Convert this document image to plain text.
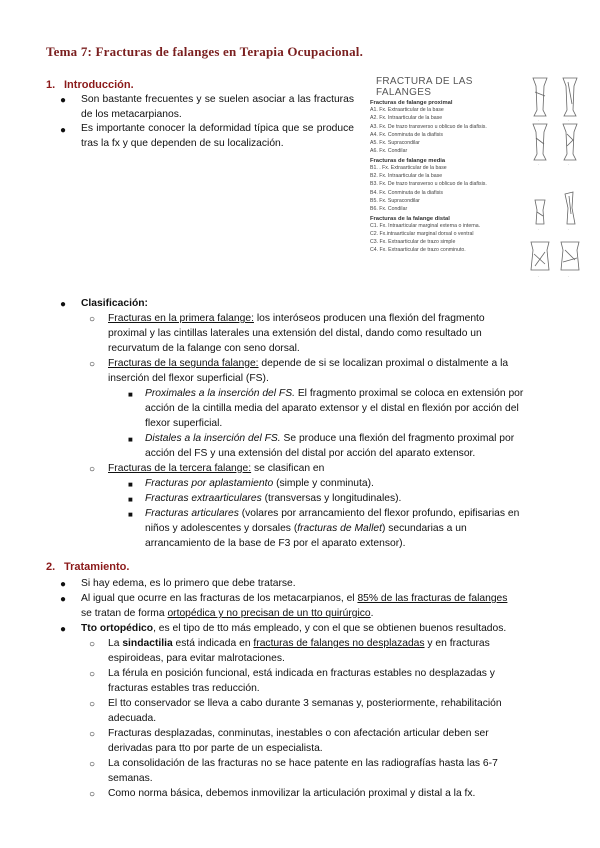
Tema 7: Fracturas de falanges en Terapia Ocupacional.
1. Introducción.
● Son bastante frecuentes y se suelen asociar a las fracturas de los metacarpianos.
● Es importante conocer la deformidad típica que se produce tras la fx y que dependen de su localización.
FRACTURA DE LAS FALANGES
Fracturas de falange proximal
A1. Fx. Extraarticular de la base
A2. Fx. Intraarticular de la base
A3. Fx. De trazo transverso u oblicuo de la diafisis.
A4. Fx. Conminuta de la diafisis
A5. Fx. Supracondilar
A6. Fx. Condilar
Fracturas de falange media
B1. . Fx. Extraarticular de la base
B2. Fx. Intraarticular de la base
B3. Fx. De trazo transverso u oblicuo de la diafisis.
B4. Fx. Conminuta de la diafisis
B5. Fx. Supracondilar
B6. Fx. Condilar
Fracturas de la falange distal
C1. Fx. Intraarticular marginal externa o interna.
C2. Fx.intraarticular marginal dorsal o ventral
C3. Fx. Extraarticular de trazo simple
C4. Fx. Extraarticular de trazo conminuto.
·	·
·	·
·	·
·	·
● Clasificación:
○ Fracturas en la primera falange: los interóseos producen una flexión del fragmento
proximal y las cintillas laterales una extensión del distal, dando como resultado un
recurvatum de la falange con seno dorsal.
○ Fracturas de la segunda falange: depende de si se localizan proximal o distalmente a la
inserción del flexor superficial (FS).
■ Proximales a la inserción del FS. El fragmento proximal se coloca en extensión por
acción de la cintilla media del aparato extensor y el distal en flexión por acción del
flexor superficial.
■ Distales a la inserción del FS. Se produce una flexión del fragmento proximal por
acción del FS y una extensión del distal por acción del aparato extensor.
○ Fracturas de la tercera falange: se clasifican en
■ Fracturas por aplastamiento (simple y conminuta).
■ Fracturas extraarticulares (transversas y longitudinales).
■ Fracturas articulares (volares por arrancamiento del flexor profundo, epifisarias en
niños y adolescentes y dorsales (fracturas de Mallet) secundarias a un
arrancamiento de la base de F3 por el aparato extensor).
2. Tratamiento.
● Si hay edema, es lo primero que debe tratarse.
● Al igual que ocurre en las fracturas de los metacarpianos, el 85% de las fracturas de falanges
se tratan de forma ortopédica y no precisan de un tto quirúrgico.
● Tto ortopédico, es el tipo de tto más empleado, y con el que se obtienen buenos resultados.
○ La sindactilia está indicada en fracturas de falanges no desplazadas y en fracturas
espiroideas, para evitar malrotaciones.
○ La férula en posición funcional, está indicada en fracturas estables no desplazadas y
fracturas estables tras reducción.
○ El tto conservador se lleva a cabo durante 3 semanas y, posteriormente, rehabilitación
adecuada.
○ Fracturas desplazadas, conminutas, inestables o con afectación articular deben ser
derivadas para tto por parte de un especialista.
○ La consolidación de las fracturas no se hace patente en las radiografías hasta las 6-7
semanas.
○ Como norma básica, debemos inmovilizar la articulación proximal y distal a la fx.
